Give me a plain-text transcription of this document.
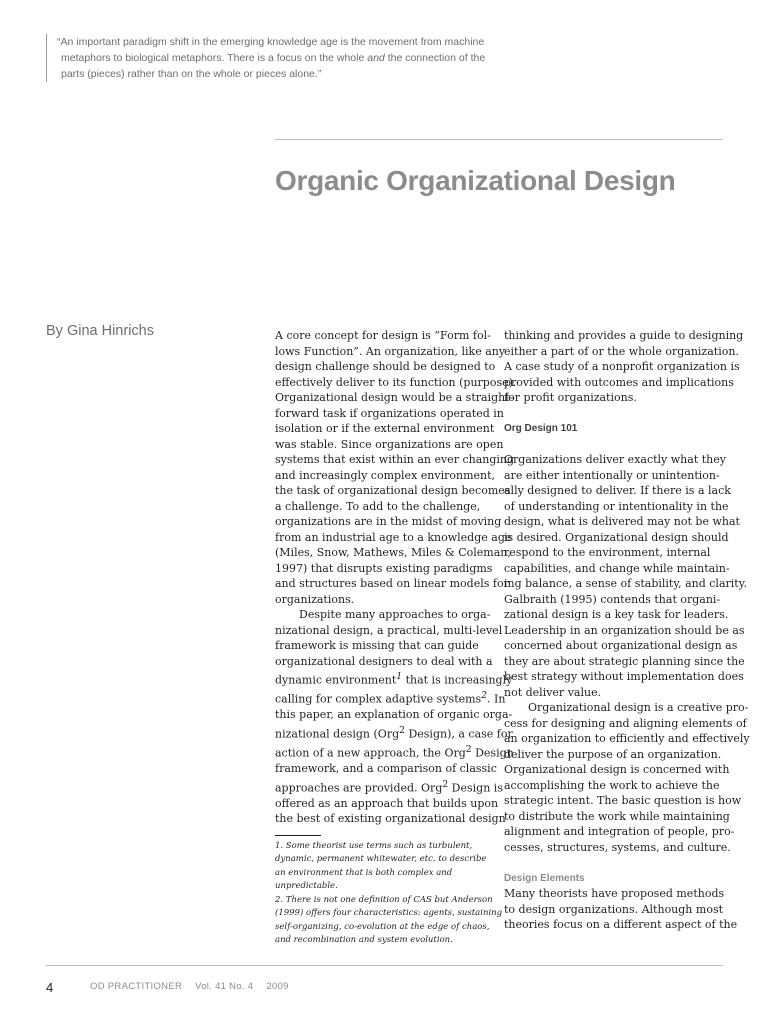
“An important paradigm shift in the emerging knowledge age is the movement from machine
metaphors to biological metaphors. There is a focus on the whole and the connection of the
parts (pieces) rather than on the whole or pieces alone.”
Organic Organizational Design
By Gina Hinrichs	A core concept for design is “Form fol-
lows Function”. An organization, like any
design challenge should be designed to
effectively deliver to its function (purpose).
Organizational design would be a straight-
forward task if organizations operated in
isolation or if the external environment
was stable. Since organizations are open
systems that exist within an ever changing
and increasingly complex environment,
the task of organizational design becomes
a challenge. To add to the challenge,
organizations are in the midst of moving
from an industrial age to a knowledge age
(Miles, Snow, Mathews, Miles & Coleman,
1997) that disrupts existing paradigms
and structures based on linear models for
organizations.
Despite many approaches to orga-
nizational design, a practical, multi-level
framework is missing that can guide
organizational designers to deal with a
dynamic environment$^1$ that is increasingly
calling for complex adaptive systems$^2$. In
this paper, an explanation of organic orga-
nizational design (Org$^2$ Design), a case for
action of a new approach, the Org$^2$ Design
framework, and a comparison of classic
approaches are provided. Org$^2$ Design is
offered as an approach that builds upon
the best of existing organizational design
1. Some theorist use terms such as turbulent,
dynamic, permanent whitewater, etc. to describe
an environment that is both complex and
unpredictable.
2. There is not one definition of CAS but Anderson
(1999) offers four characteristics: agents, sustaining
self-organizing, co-evolution at the edge of chaos,
and recombination and system evolution.
thinking and provides a guide to designing
either a part of or the whole organization.
A case study of a nonprofit organization is
provided with outcomes and implications
for profit organizations.
Org Design 101
Organizations deliver exactly what they
are either intentionally or unintention-
ally designed to deliver. If there is a lack
of understanding or intentionality in the
design, what is delivered may not be what
is desired. Organizational design should
respond to the environment, internal
capabilities, and change while maintain-
ing balance, a sense of stability, and clarity.
Galbraith (1995) contends that organi-
zational design is a key task for leaders.
Leadership in an organization should be as
concerned about organizational design as
they are about strategic planning since the
best strategy without implementation does
not deliver value.
Organizational design is a creative pro-
cess for designing and aligning elements of
an organization to efficiently and effectively
deliver the purpose of an organization.
Organizational design is concerned with
accomplishing the work to achieve the
strategic intent. The basic question is how
to distribute the work while maintaining
alignment and integration of people, pro-
cesses, structures, systems, and culture.
Design Elements
Many theorists have proposed methods
to design organizations. Although most
theories focus on a different aspect of the
4	OD PRACTITIONER Vol. 41 No. 4 2009
